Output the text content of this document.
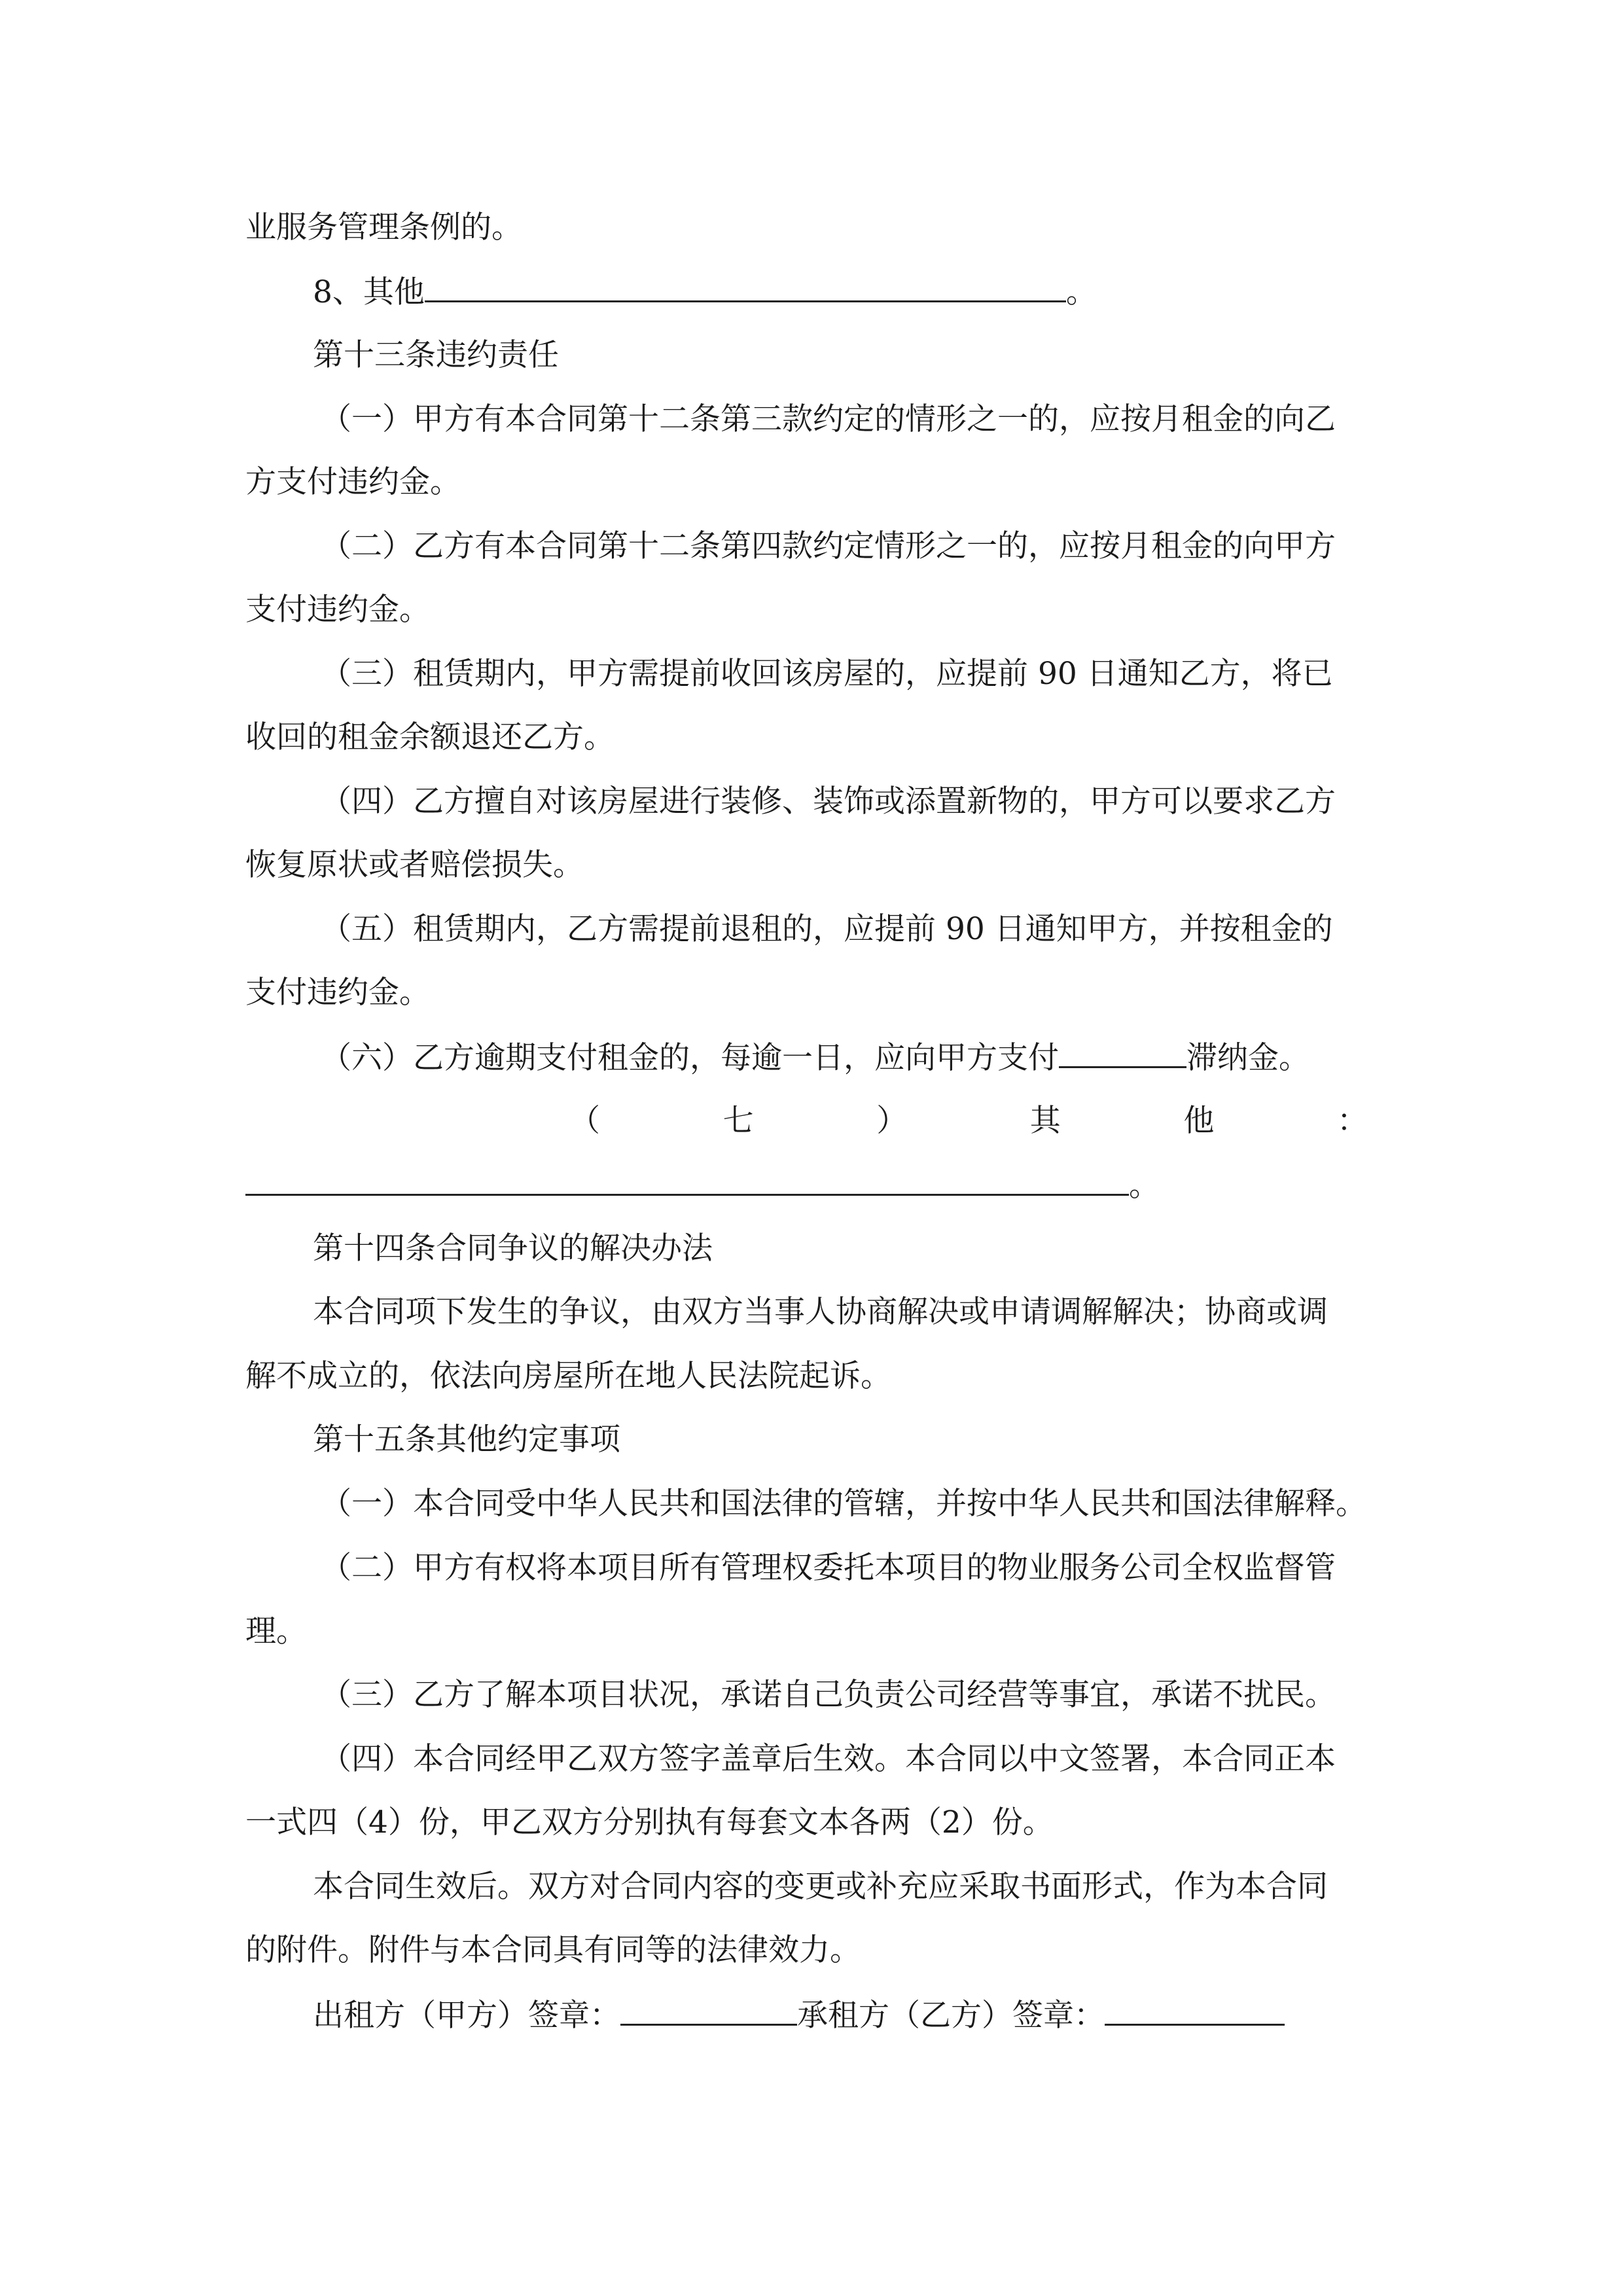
业服务管理条例的。
8、其他	。
第十三条违约责任
（一）甲方有本合同第十二条第三款约定的情形之一的，应按月租金的向乙
方支付违约金。
（二）乙方有本合同第十二条第四款约定情形之一的，应按月租金的向甲方
支付违约金。
（三）租赁期内，甲方需提前收回该房屋的，应提前 90 日通知乙方，将已
收回的租金余额退还乙方。
（四）乙方擅自对该房屋进行装修、装饰或添置新物的，甲方可以要求乙方
恢复原状或者赔偿损失。
（五）租赁期内，乙方需提前退租的，应提前 90 日通知甲方，并按租金的
支付违约金。
（六）乙方逾期支付租金的，每逾一日，应向甲方支付	滞纳金。
（	七	）	其	他	：
。
第十四条合同争议的解决办法
本合同项下发生的争议，由双方当事人协商解决或申请调解解决；协商或调
解不成立的，依法向房屋所在地人民法院起诉。
第十五条其他约定事项
（一）本合同受中华人民共和国法律的管辖，并按中华人民共和国法律解释。
（二）甲方有权将本项目所有管理权委托本项目的物业服务公司全权监督管
理。
（三）乙方了解本项目状况，承诺自己负责公司经营等事宜，承诺不扰民。
（四）本合同经甲乙双方签字盖章后生效。本合同以中文签署，本合同正本
一式四（4）份，甲乙双方分别执有每套文本各两（2）份。
本合同生效后。双方对合同内容的变更或补充应采取书面形式，作为本合同
的附件。附件与本合同具有同等的法律效力。
出租方（甲方）签章：	承租方（乙方）签章：
